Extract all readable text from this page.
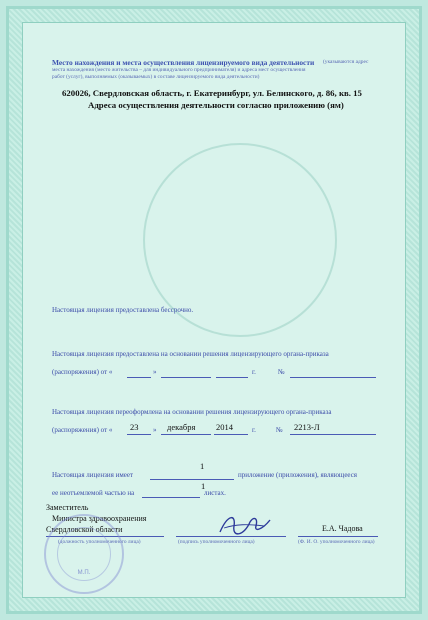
Место нахождения и места осуществления лицензируемого вида деятельности (указываются адрес
места нахождения (место жительства – для индивидуального предпринимателя) и адреса мест осуществления
работ (услуг), выполняемых (оказываемых) в составе лицензируемого вида деятельности)
620026, Свердловская область, г. Екатеринбург, ул. Белинского, д. 86, кв. 15
Адреса осуществления деятельности согласно приложению (ям)
Настоящая лицензия предоставлена бессрочно.
Настоящая лицензия предоставлена на основании решения лицензирующего органа-приказа
(распоряжения) от «	»	г.	№
Настоящая лицензия переоформлена на основании решения лицензирующего органа-приказа
(распоряжения) от « 23 » декабря 2014	г.	№ 2213-Л
1
Настоящая лицензия имеет	приложение (приложения), являющееся
1
ее неотъемлемой частью на	листах.
Заместитель
Министра здравоохранения
Свердловской области	Е.А. Чадова
(должность уполномоченного лица)	(подпись уполномоченного лица)	(Ф. И. О. уполномоченного лица)
М.П.
